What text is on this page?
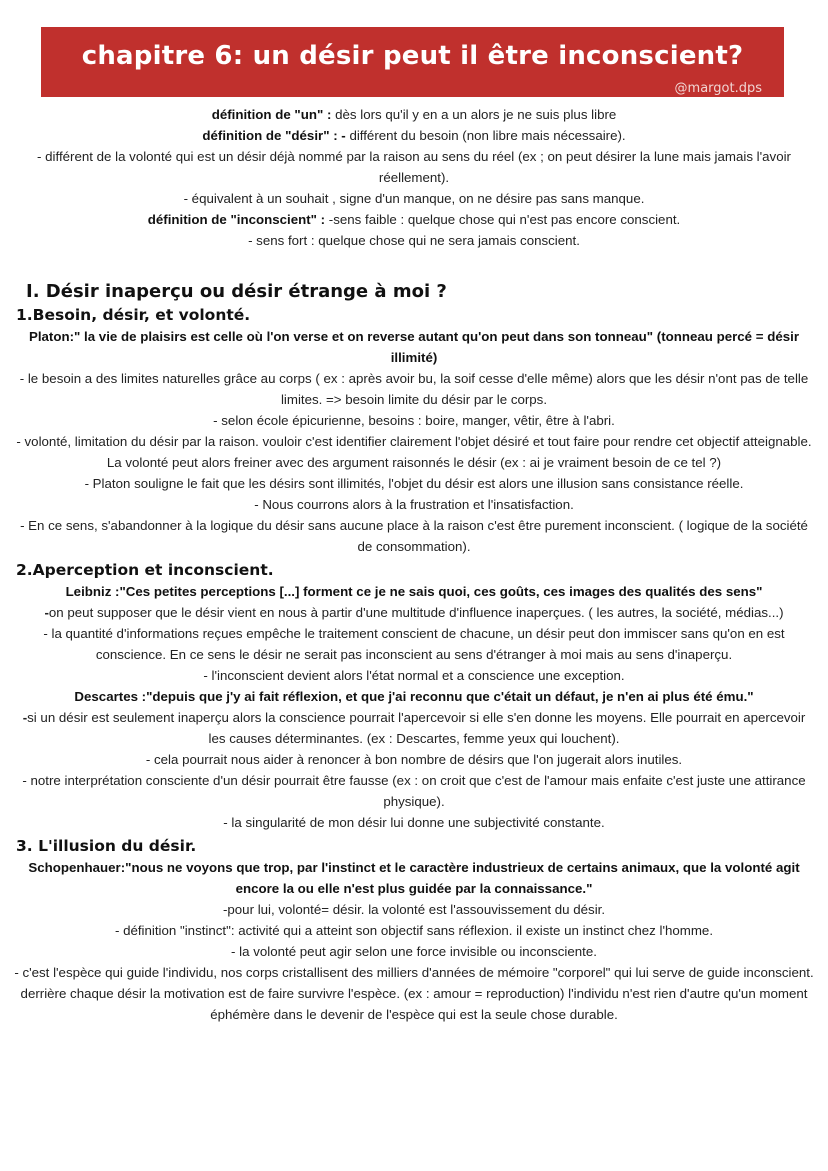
chapitre 6: un désir peut il être inconscient?
@margot.dps

définition de "un" : dès lors qu'il y en a un alors je ne suis plus libre

définition de "désir" : - différent du besoin (non libre mais nécessaire).

- différent de la volonté qui est un désir déjà nommé par la raison au sens du réel (ex ; on peut désirer la lune mais jamais l'avoir réellement).

- équivalent à un souhait , signe d'un manque, on ne désire pas sans manque.

définition de "inconscient" : -sens faible : quelque chose qui n'est pas encore conscient.

- sens fort : quelque chose qui ne sera jamais conscient.

I. Désir inaperçu ou désir étrange à moi ?
1.Besoin, désir, et volonté.

Platon:" la vie de plaisirs est celle où l'on verse et on reverse autant qu'on peut dans son tonneau" (tonneau percé = désir illimité)

- le besoin a des limites naturelles grâce au corps ( ex : après avoir bu, la soif cesse d'elle même) alors que les désir n'ont pas de telle limites. => besoin limite du désir par le corps.

- selon école épicurienne, besoins : boire, manger, vêtir, être à l'abri.

- volonté, limitation du désir par la raison. vouloir c'est identifier clairement l'objet désiré et tout faire pour rendre cet objectif atteignable. La volonté peut alors freiner avec des argument raisonnés le désir (ex : ai je vraiment besoin de ce tel ?)

- Platon souligne le fait que les désirs sont illimités, l'objet du désir est alors une illusion sans consistance réelle.

- Nous courrons alors à la frustration et l'insatisfaction.

- En ce sens, s'abandonner à la logique du désir sans aucune place à la raison c'est être purement inconscient. ( logique de la société de consommation).

2.Aperception et inconscient.

Leibniz :"Ces petites perceptions [...] forment ce je ne sais quoi, ces goûts, ces images des qualités des sens"

-on peut supposer que le désir vient en nous à partir d'une multitude d'influence inaperçues. ( les autres, la société, médias...)

- la quantité d'informations reçues empêche le traitement conscient de chacune, un désir peut don immiscer sans qu'on en est conscience. En ce sens le désir ne serait pas inconscient au sens d'étranger à moi mais au sens d'inaperçu.

- l'inconscient devient alors l'état normal et a conscience une exception.

Descartes :"depuis que j'y ai fait réflexion, et que j'ai reconnu que c'était un défaut, je n'en ai plus été ému."

-si un désir est seulement inaperçu alors la conscience pourrait l'apercevoir si elle s'en donne les moyens. Elle pourrait en apercevoir les causes déterminantes. (ex : Descartes, femme yeux qui louchent).

- cela pourrait nous aider à renoncer à bon nombre de désirs que l'on jugerait alors inutiles.

- notre interprétation consciente d'un désir pourrait être fausse (ex : on croit que c'est de l'amour mais enfaite c'est juste une attirance physique).

- la singularité de mon désir lui donne une subjectivité constante.

3. L'illusion du désir.

Schopenhauer:"nous ne voyons que trop, par l'instinct et le caractère industrieux de certains animaux, que la volonté agit encore la ou elle n'est plus guidée par la connaissance."

-pour lui, volonté= désir. la volonté est l'assouvissement du désir.

- définition "instinct": activité qui a atteint son objectif sans réflexion. il existe un instinct chez l'homme.

- la volonté peut agir selon une force invisible ou inconsciente.

- c'est l'espèce qui guide l'individu, nos corps cristallisent des milliers d'années de mémoire "corporel" qui lui serve de guide inconscient. derrière chaque désir la motivation est de faire survivre l'espèce. (ex : amour = reproduction) l'individu n'est rien d'autre qu'un moment éphémère dans le devenir de l'espèce qui est la seule chose durable.
